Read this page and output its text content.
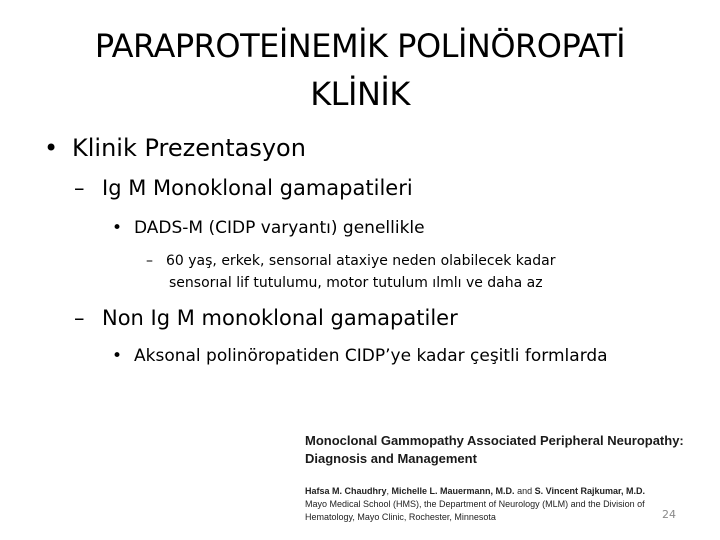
PARAPROTEİNEMİK POLİNÖROPATİ
KLİNİK
• Klinik Prezentasyon
– Ig M Monoklonal gamapatileri
• DADS-M (CIDP varyantı) genellikle
– 60 yaş, erkek, sensorıal ataxiye neden olabilecek kadar
sensorıal lif tutulumu, motor tutulum ılmlı ve daha az
– Non Ig M monoklonal gamapatiler
• Aksonal polinöropatiden CIDP’ye kadar çeşitli formlarda
Monoclonal Gammopathy Associated Peripheral Neuropathy:
Diagnosis and Management
Hafsa M. Chaudhry, Michelle L. Mauermann, M.D. and S. Vincent Rajkumar, M.D.
Mayo Medical School (HMS), the Department of Neurology (MLM) and the Division of
Hematology, Mayo Clinic, Rochester, Minnesota	24
